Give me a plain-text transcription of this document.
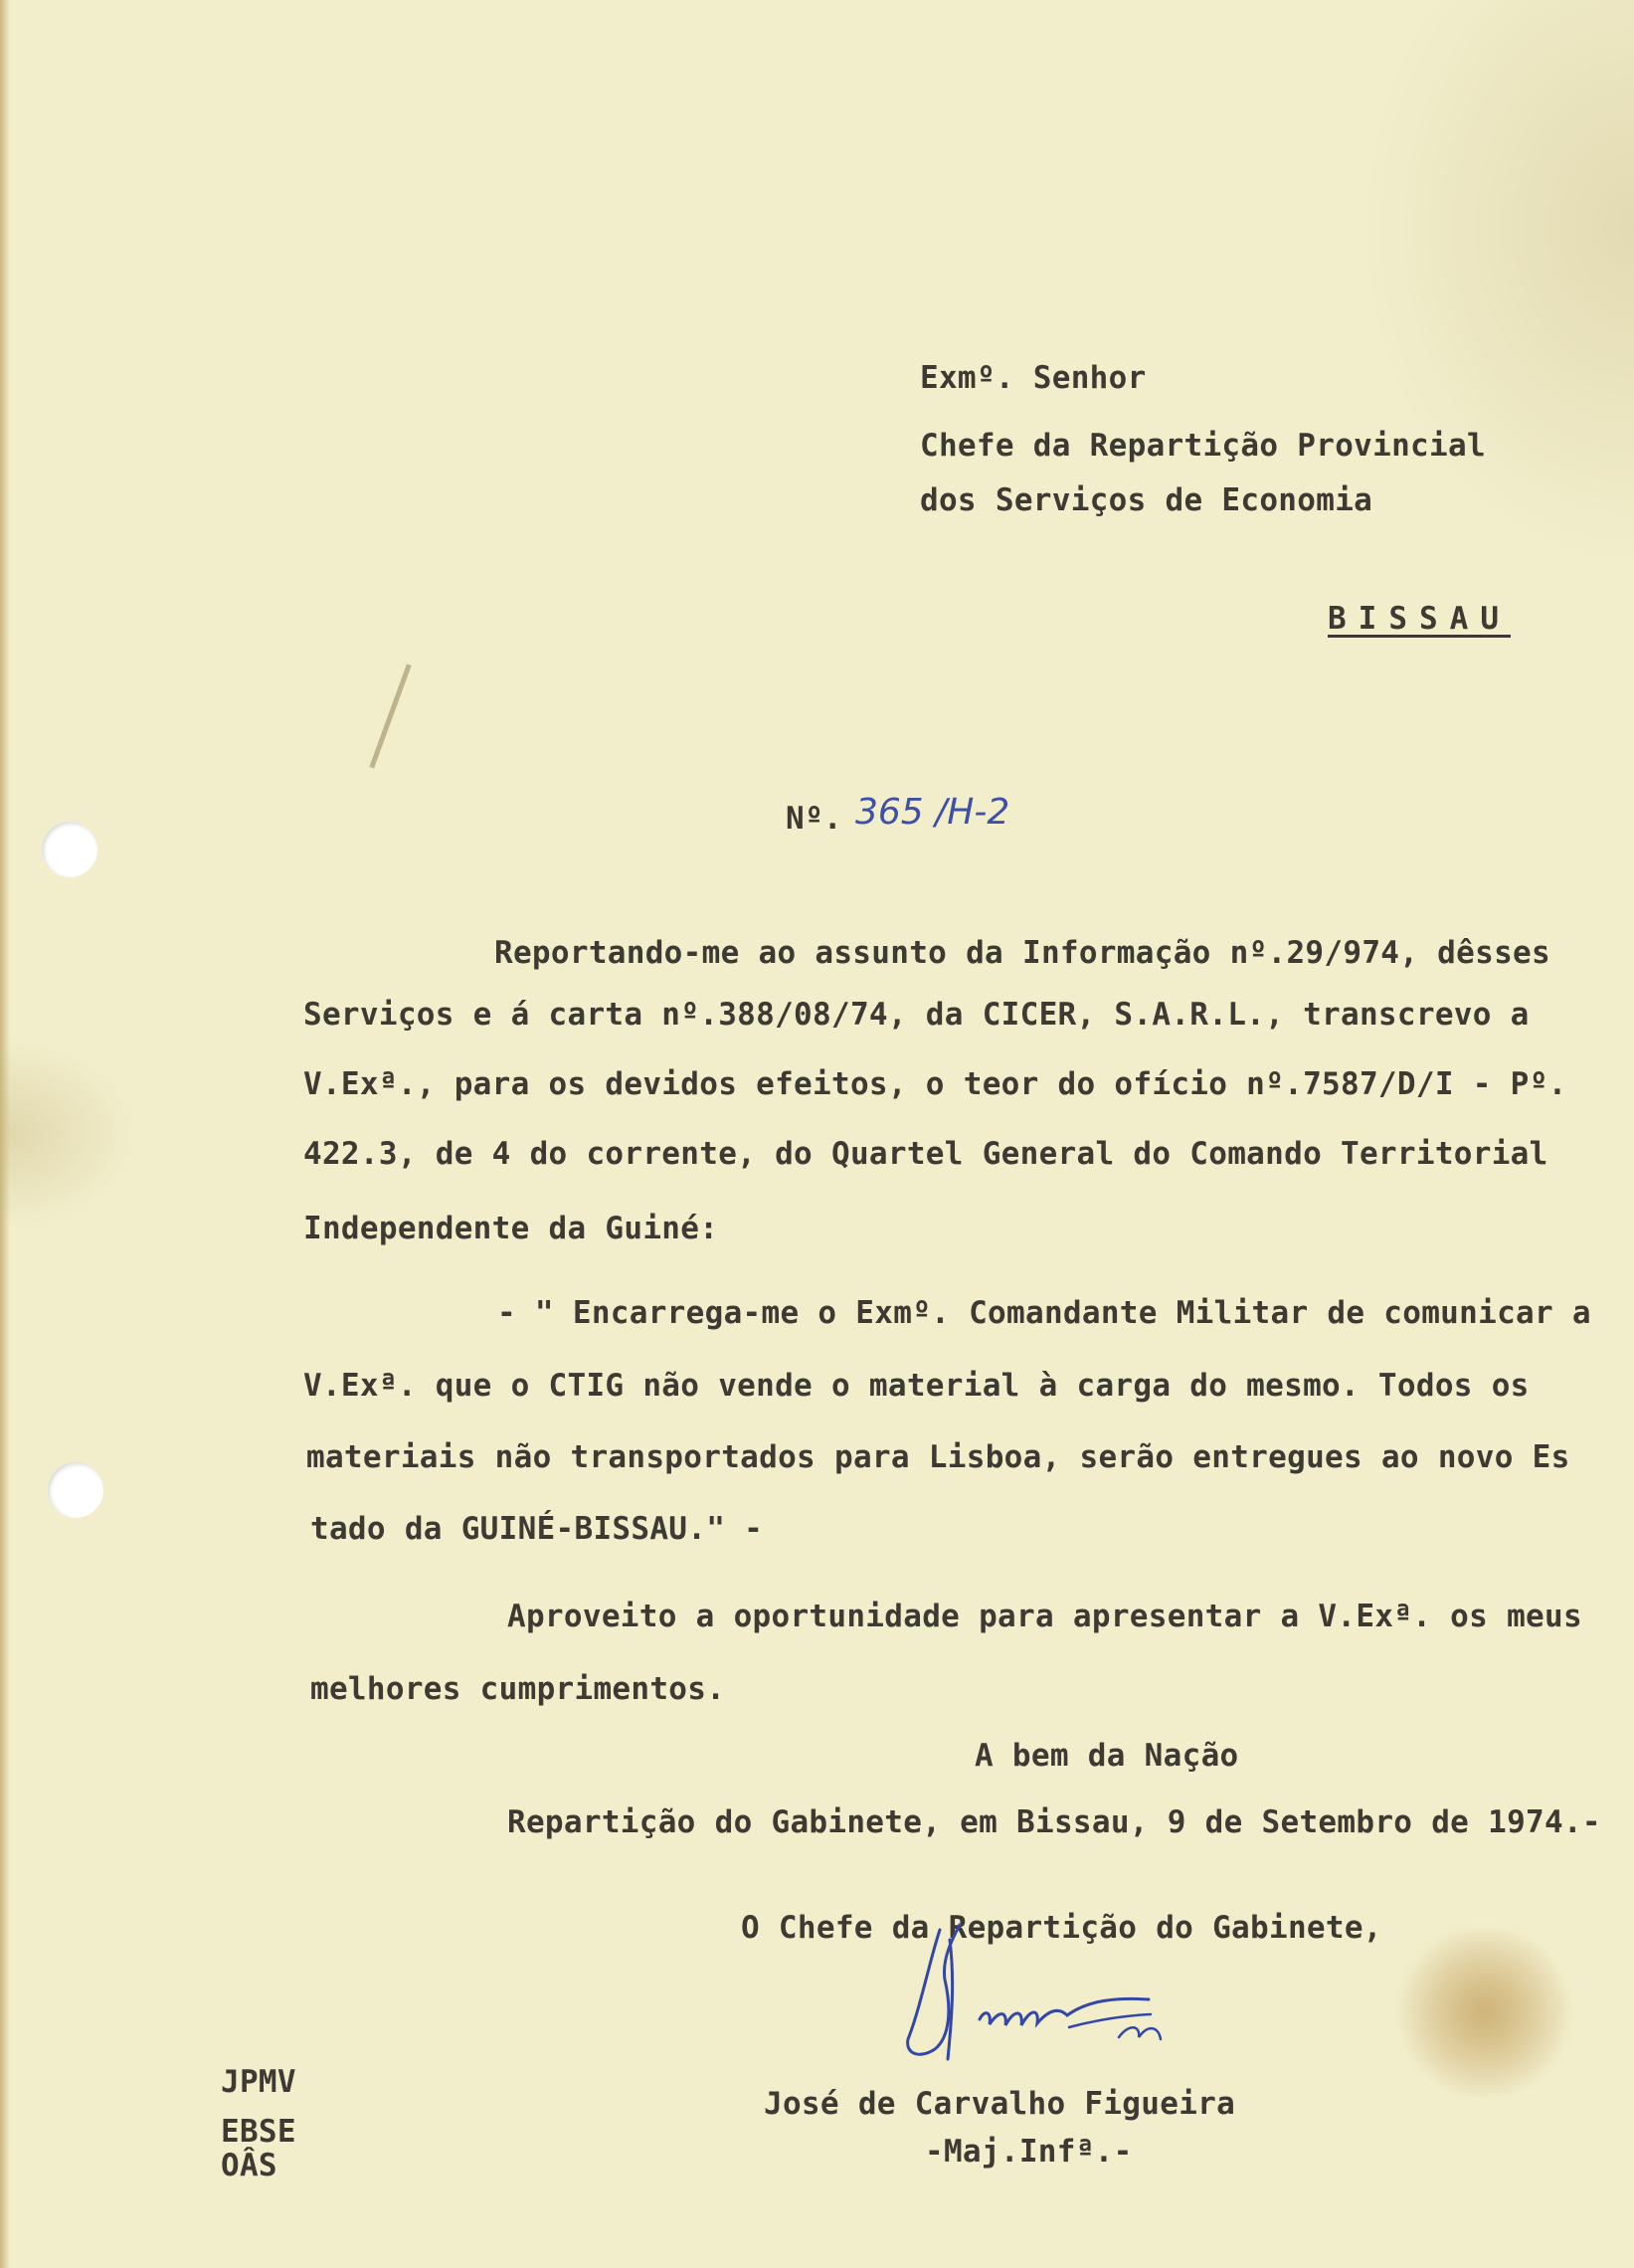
Exmº. Senhor
Chefe da Repartição Provincial
dos Serviços de Economia
BISSAU
Nº. 365 /H-2
Reportando-me ao assunto da Informação nº.29/974, dêsses
Serviços e á carta nº.388/08/74, da CICER, S.A.R.L., transcrevo a
V.Exª., para os devidos efeitos, o teor do ofício nº.7587/D/I - Pº.
422.3, de 4 do corrente, do Quartel General do Comando Territorial
Independente da Guiné:
- " Encarrega-me o Exmº. Comandante Militar de comunicar a
V.Exª. que o CTIG não vende o material à carga do mesmo. Todos os
materiais não transportados para Lisboa, serão entregues ao novo Es
tado da GUINÉ-BISSAU." -
Aproveito a oportunidade para apresentar a V.Exª. os meus
melhores cumprimentos.
A bem da Nação
Repartição do Gabinete, em Bissau, 9 de Setembro de 1974.-
O Chefe da Repartição do Gabinete,
José de Carvalho Figueira
-Maj.Infª.-
JPMV
EBSE
OÂS
